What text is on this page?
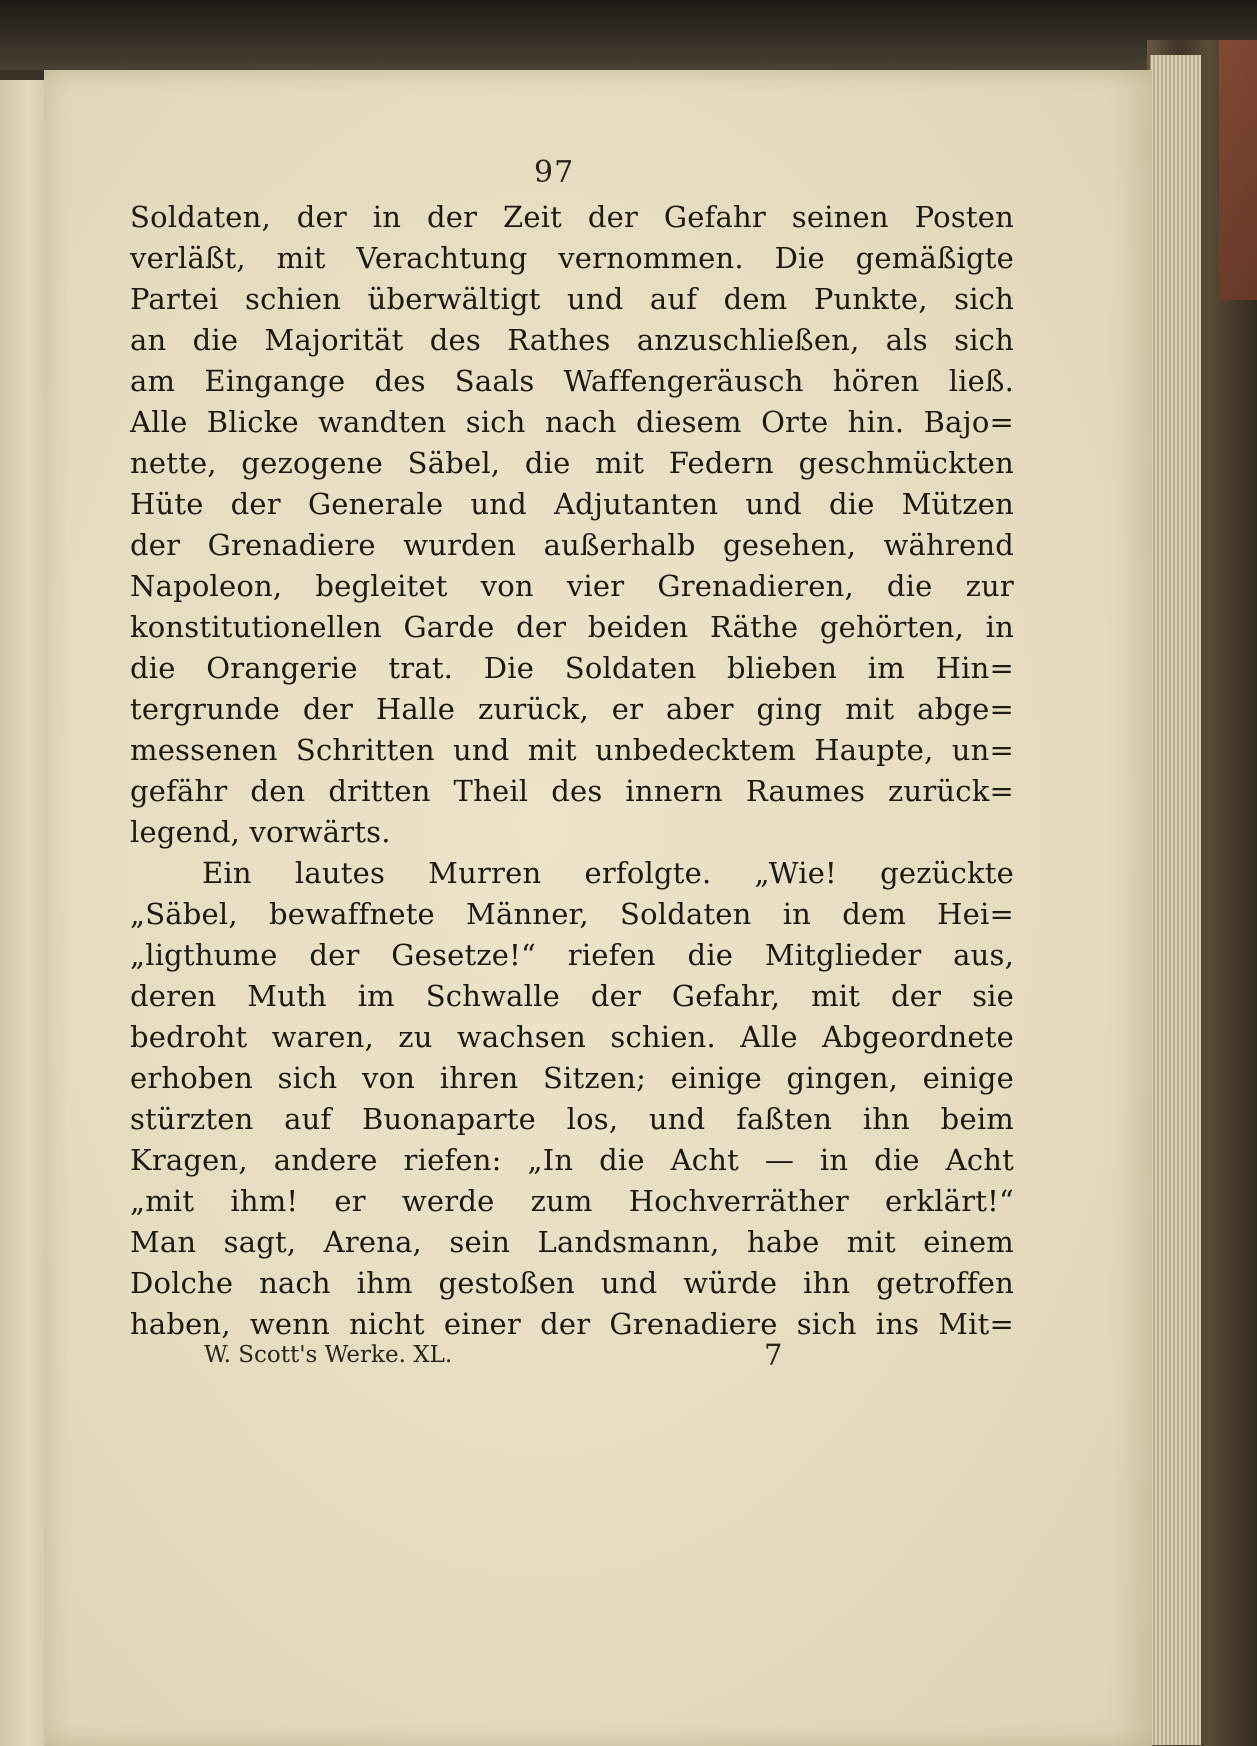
97
Soldaten, der in der Zeit der Gefahr seinen Posten
verläßt, mit Verachtung vernommen. Die gemäßigte
Partei schien überwältigt und auf dem Punkte, sich
an die Majorität des Rathes anzuschließen, als sich
am Eingange des Saals Waffengeräusch hören ließ.
Alle Blicke wandten sich nach diesem Orte hin. Bajo=
nette, gezogene Säbel, die mit Federn geschmückten
Hüte der Generale und Adjutanten und die Mützen
der Grenadiere wurden außerhalb gesehen, während
Napoleon, begleitet von vier Grenadieren, die zur
konstitutionellen Garde der beiden Räthe gehörten, in
die Orangerie trat. Die Soldaten blieben im Hin=
tergrunde der Halle zurück, er aber ging mit abge=
messenen Schritten und mit unbedecktem Haupte, un=
gefähr den dritten Theil des innern Raumes zurück=
legend, vorwärts.
Ein lautes Murren erfolgte. „Wie! gezückte
„Säbel, bewaffnete Männer, Soldaten in dem Hei=
„ligthume der Gesetze!“ riefen die Mitglieder aus,
deren Muth im Schwalle der Gefahr, mit der sie
bedroht waren, zu wachsen schien. Alle Abgeordnete
erhoben sich von ihren Sitzen; einige gingen, einige
stürzten auf Buonaparte los, und faßten ihn beim
Kragen, andere riefen: „In die Acht — in die Acht
„mit ihm! er werde zum Hochverräther erklärt!“
Man sagt, Arena, sein Landsmann, habe mit einem
Dolche nach ihm gestoßen und würde ihn getroffen
haben, wenn nicht einer der Grenadiere sich ins Mit=
W. Scott's Werke. XL.	7
